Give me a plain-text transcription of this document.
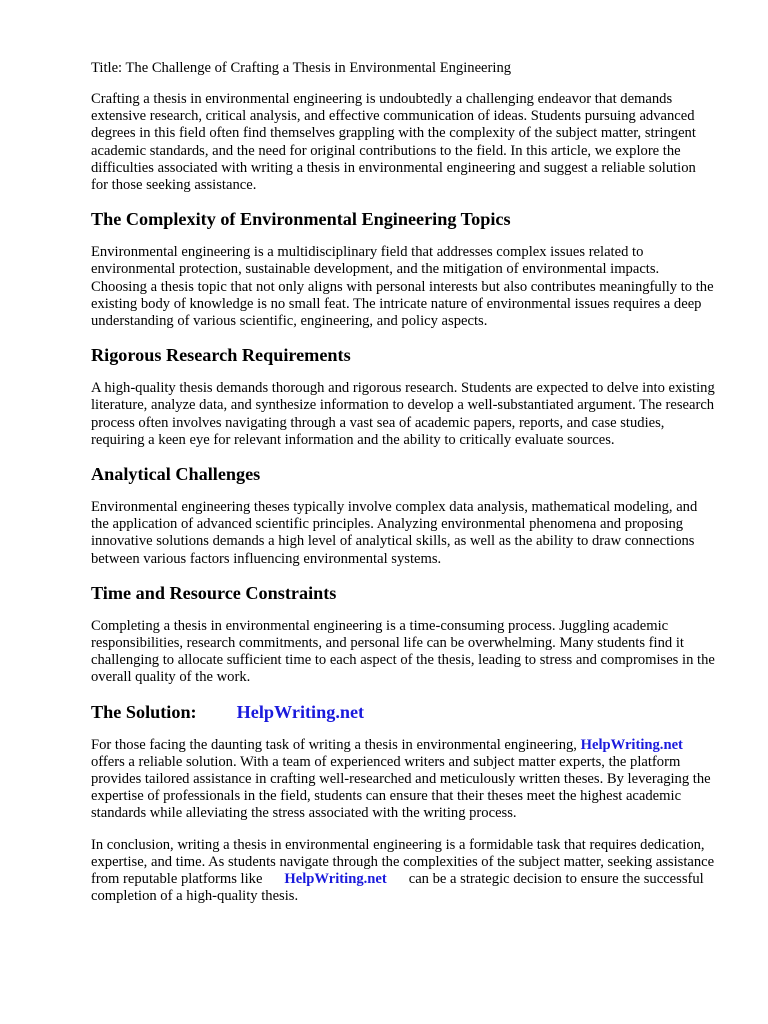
Title: The Challenge of Crafting a Thesis in Environmental Engineering

Crafting a thesis in environmental engineering is undoubtedly a challenging endeavor that demands extensive research, critical analysis, and effective communication of ideas. Students pursuing advanced degrees in this field often find themselves grappling with the complexity of the subject matter, stringent academic standards, and the need for original contributions to the field. In this article, we explore the difficulties associated with writing a thesis in environmental engineering and suggest a reliable solution for those seeking assistance.

The Complexity of Environmental Engineering Topics

Environmental engineering is a multidisciplinary field that addresses complex issues related to environmental protection, sustainable development, and the mitigation of environmental impacts. Choosing a thesis topic that not only aligns with personal interests but also contributes meaningfully to the existing body of knowledge is no small feat. The intricate nature of environmental issues requires a deep understanding of various scientific, engineering, and policy aspects.

Rigorous Research Requirements

A high-quality thesis demands thorough and rigorous research. Students are expected to delve into existing literature, analyze data, and synthesize information to develop a well-substantiated argument. The research process often involves navigating through a vast sea of academic papers, reports, and case studies, requiring a keen eye for relevant information and the ability to critically evaluate sources.

Analytical Challenges

Environmental engineering theses typically involve complex data analysis, mathematical modeling, and the application of advanced scientific principles. Analyzing environmental phenomena and proposing innovative solutions demands a high level of analytical skills, as well as the ability to draw connections between various factors influencing environmental systems.

Time and Resource Constraints

Completing a thesis in environmental engineering is a time-consuming process. Juggling academic responsibilities, research commitments, and personal life can be overwhelming. Many students find it challenging to allocate sufficient time to each aspect of the thesis, leading to stress and compromises in the overall quality of the work.

The Solution: HelpWriting.net

For those facing the daunting task of writing a thesis in environmental engineering, HelpWriting.netoffers a reliable solution. With a team of experienced writers and subject matter experts, the platform provides tailored assistance in crafting well-researched and meticulously written theses. By leveraging the expertise of professionals in the field, students can ensure that their theses meet the highest academic standards while alleviating the stress associated with the writing process.

In conclusion, writing a thesis in environmental engineering is a formidable task that requires dedication, expertise, and time. As students navigate through the complexities of the subject matter, seeking assistance from reputable platforms like HelpWriting.net can be a strategic decision to ensure the successful completion of a high-quality thesis.
